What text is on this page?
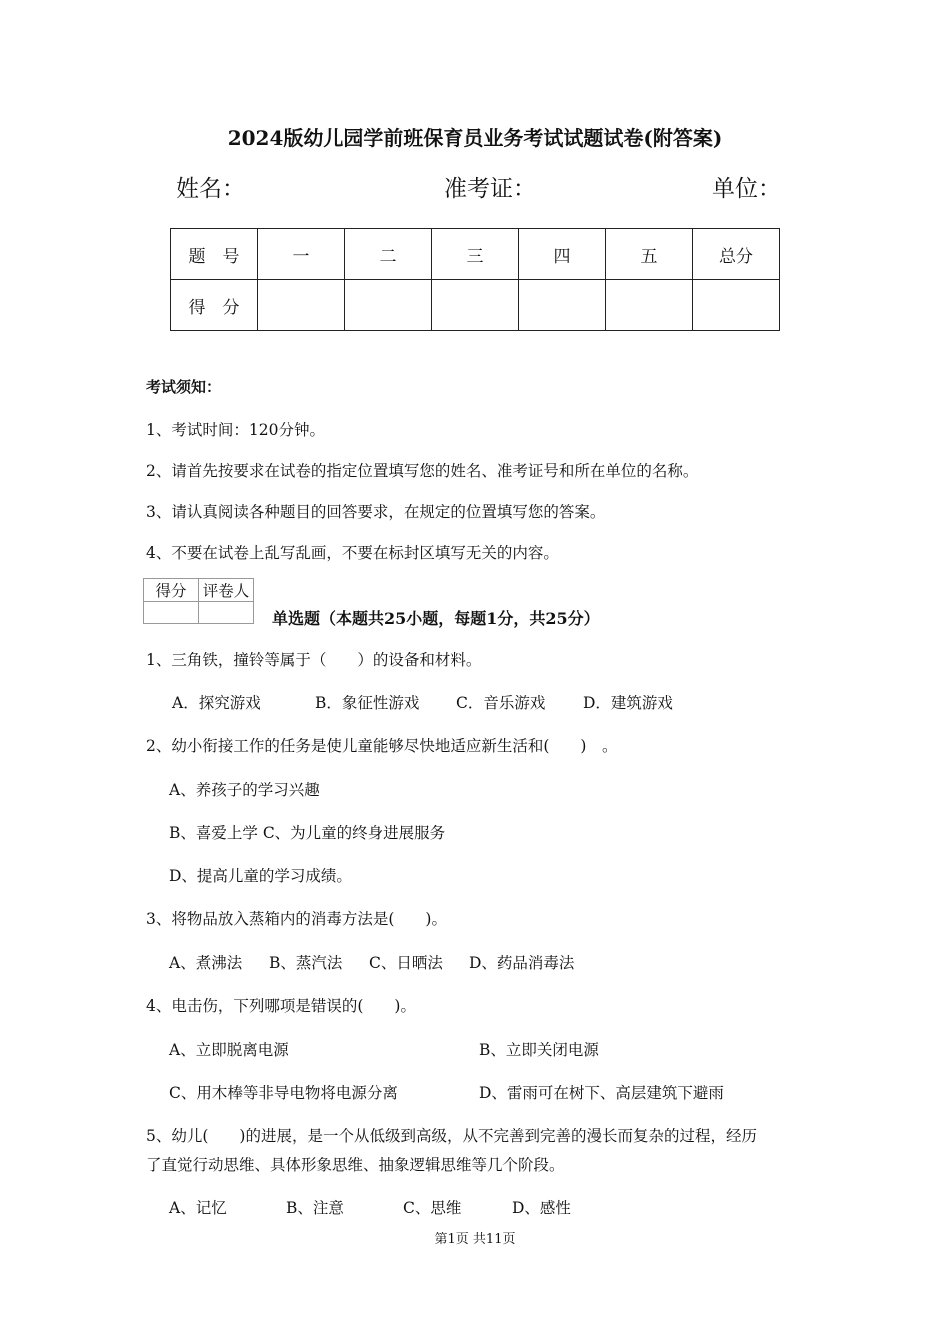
2024版幼儿园学前班保育员业务考试试题试卷(附答案)
姓名：	准考证：	单位：
题　号	一	二	三	四	五	总分
得　分						
考试须知：
1、考试时间：120分钟。
2、请首先按要求在试卷的指定位置填写您的姓名、准考证号和所在单位的名称。
3、请认真阅读各种题目的回答要求，在规定的位置填写您的答案。
4、不要在试卷上乱写乱画，不要在标封区填写无关的内容。
得分	评卷人

单选题（本题共25小题，每题1分，共25分）
1、三角铁，撞铃等属于（　　）的设备和材料。
A．探究游戏	B．象征性游戏 C．音乐游戏 D．建筑游戏
2、幼小衔接工作的任务是使儿童能够尽快地适应新生活和(　　)　。
A、养孩子的学习兴趣
B、喜爱上学 C、为儿童的终身进展服务
D、提高儿童的学习成绩。
3、将物品放入蒸箱内的消毒方法是(　　)。
A、煮沸法 B、蒸汽法 C、日晒法 D、药品消毒法
4、电击伤，下列哪项是错误的(　　)。
A、立即脱离电源	B、立即关闭电源
C、用木棒等非导电物将电源分离	D、雷雨可在树下、高层建筑下避雨
5、幼儿(　　)的进展，是一个从低级到高级，从不完善到完善的漫长而复杂的过程，经历
了直觉行动思维、具体形象思维、抽象逻辑思维等几个阶段。
A、记忆	B、注意	C、思维	D、感性
第1页 共11页
